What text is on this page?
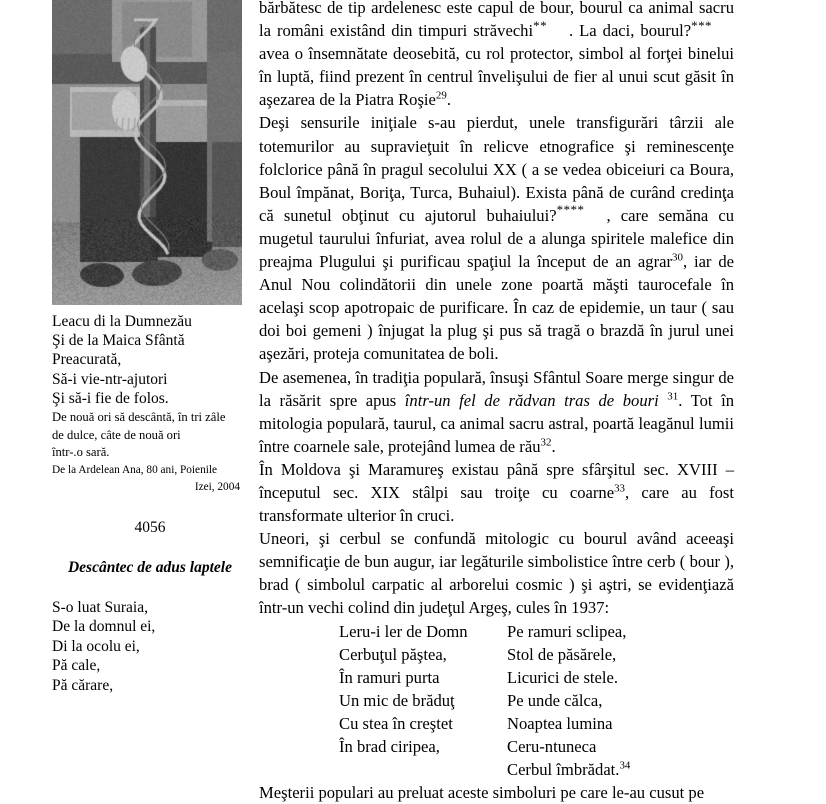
Leacu di la Dumnezău
Şi de la Maica Sfântă
Preacurată,
Să-i vie-ntr-ajutori
Şi să-i fie de folos.
De nouă ori să descântă, în tri zâle
de dulce, câte de nouă ori
într-.o sară.
De la Ardelean Ana, 80 ani, Poienile
Izei, 2004
4056
Descântec de adus laptele
S-o luat Suraia,
De la domnul ei,
Di la ocolu ei,
Pă cale,
Pă cărare,

bărbătesc de tip ardelenesc este capul de bour, bourul ca animal sacru la români existând din timpuri străvechi** . La daci, bourul?*** avea o însemnătate deosebită, cu rol protector, simbol al forţei binelui în luptă, fiind prezent în centrul învelişului de fier al unui scut găsit în aşezarea de la Piatra Roşie$^{29}$.

Deşi sensurile iniţiale s-au pierdut, unele transfigurări târzii ale totemurilor au supravieţuit în relicve etnografice şi reminescenţe folclorice până în pragul secolului XX ( a se vedea obiceiuri ca Boura, Boul împănat, Boriţa, Turca, Buhaiul). Exista până de curând credinţa că sunetul obţinut cu ajutorul buhaiului?**** , care semăna cu mugetul taurului înfuriat, avea rolul de a alunga spiritele malefice din preajma Plugului şi purificau spaţiul la început de an agrar$^{30}$, iar de Anul Nou colindătorii din unele zone poartă măşti taurocefale în acelaşi scop apotropaic de purificare. În caz de epidemie, un taur ( sau doi boi gemeni ) înjugat la plug şi pus să tragă o brazdă în jurul unei aşezări, proteja comunitatea de boli.

De asemenea, în tradiţia populară, însuşi Sfântul Soare merge singur de la răsărit spre apus într-un fel de rădvan tras de bouri $^{31}$. Tot în mitologia populară, taurul, ca animal sacru astral, poartă leagănul lumii între coarnele sale, protejând lumea de rău$^{32}$.

În Moldova şi Maramureş existau până spre sfârşitul sec. XVIII – începutul sec. XIX stâlpi sau troiţe cu coarne$^{33}$, care au fost transformate ulterior în cruci.

Uneori, şi cerbul se confundă mitologic cu bourul având aceeaşi semnificaţie de bun augur, iar legăturile simbolistice între cerb ( bour ), brad ( simbolul carpatic al arborelui cosmic ) şi aştri, se evidenţiază într-un vechi colind din judeţul Argeş, cules în 1937:

Leru-i ler de Domn
Cerbuţul păştea,
În ramuri purta
Un mic de brăduţ
Cu stea în creştet
În brad ciripea,
Pe ramuri sclipea,
Stol de păsărele,
Licurici de stele.
Pe unde călca,
Noaptea lumina
Ceru-ntuneca
Cerbul îmbrădat.$^{34}$

Meşterii populari au preluat aceste simboluri pe care le-au cusut pe
